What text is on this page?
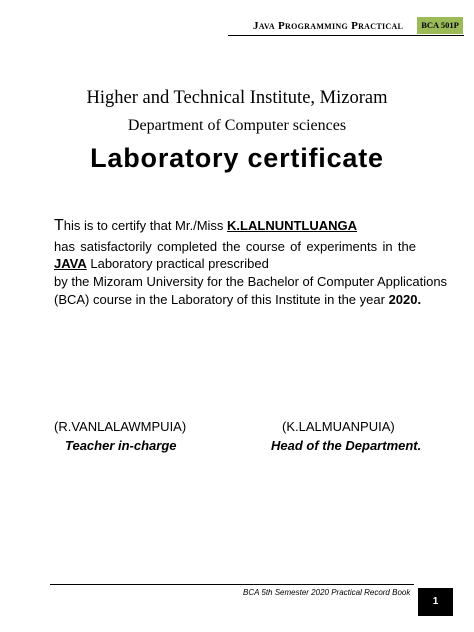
Java Programming Practical	BCA 501P
Higher and Technical Institute, Mizoram
Department of Computer sciences
Laboratory certificate
This is to certify that Mr./Miss K.LALNUNTLUANGA
has satisfactorily completed the course of experiments in the
JAVA Laboratory practical prescribed
by the Mizoram University for the Bachelor of Computer Applications
(BCA) course in the Laboratory of this Institute in the year 2020.
(R.VANLALAWMPUIA)
Teacher in-charge
(K.LALMUANPUIA)
Head of the Department.
BCA 5th Semester 2020 Practical Record Book
1
